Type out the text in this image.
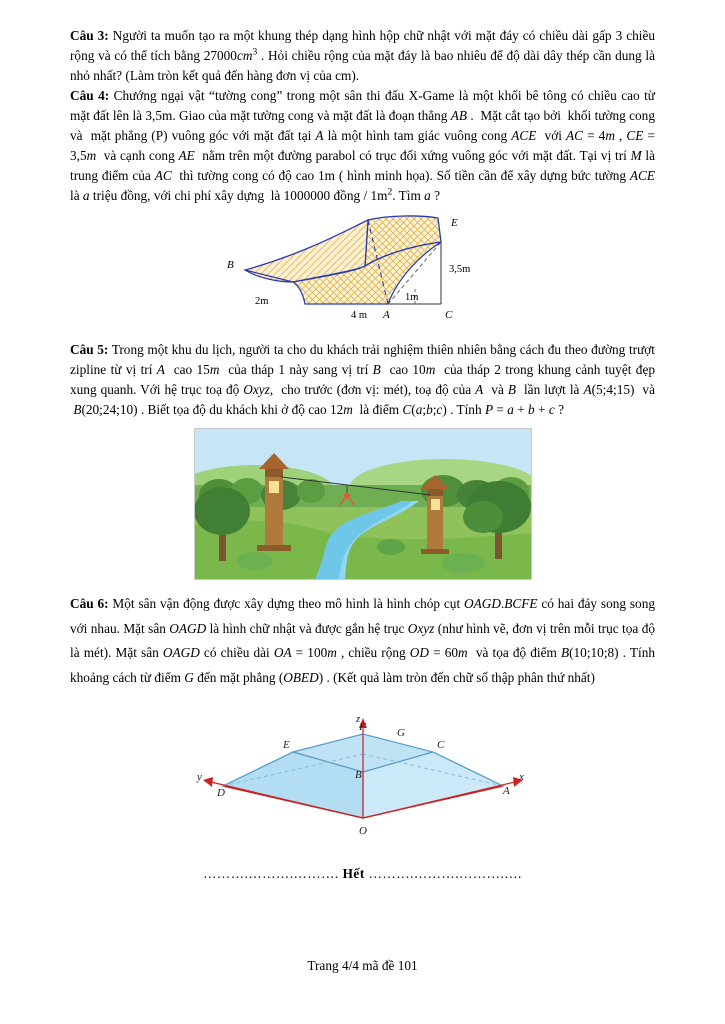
Câu 3: Người ta muốn tạo ra một khung thép dạng hình hộp chữ nhật với mặt đáy có chiều dài gấp 3 chiều rộng và có thể tích bằng $27000cm^3$ . Hỏi chiều rộng của mặt đáy là bao nhiêu để độ dài dây thép cần dung là nhỏ nhất? (Làm tròn kết quả đến hàng đơn vị của cm).

Câu 4: Chướng ngại vật “tường cong” trong một sân thi đấu X-Game là một khối bê tông có chiều cao từ mặt đất lên là 3,5m. Giao của mặt tường cong và mặt đất là đoạn thẳng AB .  Mặt cắt tạo bởi  khối tường cong và  mặt phẳng (P) vuông góc với mặt đất tại A là một hình tam giác vuông cong ACE  với AC = 4m , CE = 3,5m  và cạnh cong AE  nằm trên một đường parabol có trục đối xứng vuông góc với mặt đất. Tại vị trí M là trung điểm của AC  thì tường cong có độ cao 1m ( hình minh họa). Số tiền cần để xây dựng bức tường ACE là a triệu đồng, với chi phí xây dựng  là 1000000 đồng / $1m^2$. Tìm a ?

E
B
A	C
3,5m
2m
4 m
1m

Câu 5: Trong một khu du lịch, người ta cho du khách trải nghiệm thiên nhiên bằng cách đu theo đường trượt zipline từ vị trí A  cao 15m  của tháp 1 này sang vị trí B  cao 10m  của tháp 2 trong khung cảnh tuyệt đẹp xung quanh. Với hệ trục toạ độ Oxyz,  cho trước (đơn vị: mét), toạ độ của A  và B  lần lượt là A(5;4;15)  và  B(20;24;10) . Biết tọa độ du khách khi ở độ cao 12m  là điểm C(a;b;c) . Tính P = a + b + c ?

Câu 6: Một sân vận động được xây dựng theo mô hình là hình chóp cụt OAGD.BCFE có hai đáy song song với nhau. Mặt sân OAGD là hình chữ nhật và được gắn hệ trục Oxyz (như hình vẽ, đơn vị trên mỗi trục tọa độ là mét). Mặt sân OAGD có chiều dài OA = 100m , chiều rộng OD = 60m  và tọa độ điểm B(10;10;8) . Tính khoảng cách từ điểm G đến mặt phẳng (OBED) . (Kết quả làm tròn đến chữ số thập phân thứ nhất)

z
x
y
O
A
B
C
D
E
F	G
……….……….………. Hết ……….……….……….….
Trang 4/4 mã đề 101
